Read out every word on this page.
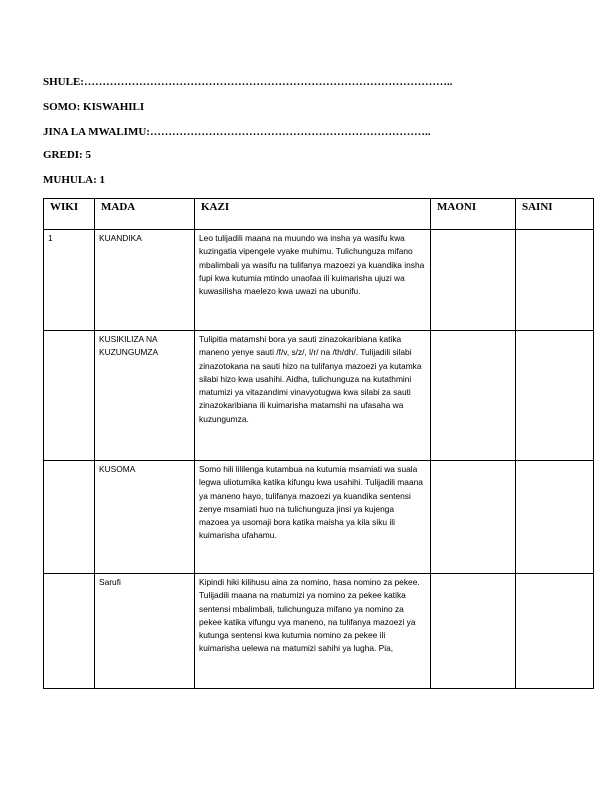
SHULE:………………………………………………………………………………………..
SOMO: KISWAHILI
JINA LA MWALIMU:…………………………………………………………………..
GREDI: 5
MUHULA: 1
WIKI	MADA	KAZI	MAONI	SAINI
1	KUANDIKA	Leo tulijadili maana na muundo wa insha ya wasifu kwa kuzingatia vipengele vyake muhimu. Tulichunguza mifano mbalimbali ya wasifu na tulifanya mazoezi ya kuandika insha fupi kwa kutumia mtindo unaofaa ili kuimarisha ujuzi wa kuwasilisha maelezo kwa uwazi na ubunifu.		
	KUSIKILIZA NA KUZUNGUMZA	Tulipitia matamshi bora ya sauti zinazokaribiana katika maneno yenye sauti /f/v, s/z/, l/r/ na /th/dh/. Tulijadili silabi zinazotokana na sauti hizo na tulifanya mazoezi ya kutamka silabi hizo kwa usahihi. Aidha, tulichunguza na kutathmini matumizi ya vitazandimi vinavyotugwa kwa silabi za sauti zinazokaribiana ili kuimarisha matamshi na ufasaha wa kuzungumza.		
	KUSOMA	Somo hili lililenga kutambua na kutumia msamiati wa suala legwa uliotumika katika kifungu kwa usahihi. Tulijadili maana ya maneno hayo, tulifanya mazoezi ya kuandika sentensi zenye msamiati huo na tulichunguza jinsi ya kujenga mazoea ya usomaji bora katika maisha ya kila siku ili kuimarisha ufahamu.		
	Sarufi	Kipindi hiki kilihusu aina za nomino, hasa nomino za pekee. Tulijadili maana na matumizi ya nomino za pekee katika sentensi mbalimbali, tulichunguza mifano ya nomino za pekee katika vifungu vya maneno, na tulifanya mazoezi ya kutunga sentensi kwa kutumia nomino za pekee ili kuimarisha uelewa na matumizi sahihi ya lugha. Pia,		
